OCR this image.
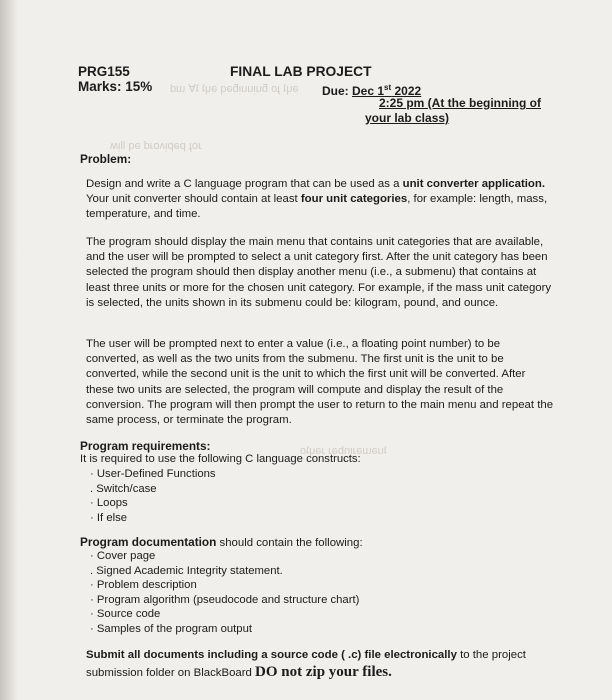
ǝɥʇ ɟo ƃuᴉuuᴉƃǝq ǝɥʇ ʇ∀ ɯd
ɹoɟ pǝpᴉʌoɹd ǝq llᴉʍ
ʇuǝɯǝɹᴉnbǝɹ ɹǝɥʇo
PRG155
Marks: 15%
FINAL LAB PROJECT
Due: Dec 1st 2022
2:25 pm (At the beginning of
your lab class)
Problem:

Design and write a C language program that can be used as a unit converter application. Your unit converter should contain at least four unit categories, for example: length, mass, temperature, and time.

The program should display the main menu that contains unit categories that are available, and the user will be prompted to select a unit category first. After the unit category has been selected the program should then display another menu (i.e., a submenu) that contains at least three units or more for the chosen unit category. For example, if the mass unit category is selected, the units shown in its submenu could be: kilogram, pound, and ounce.

The user will be prompted next to enter a value (i.e., a floating point number) to be converted, as well as the two units from the submenu. The first unit is the unit to be converted, while the second unit is the unit to which the first unit will be converted. After these two units are selected, the program will compute and display the result of the conversion. The program will then prompt the user to return to the main menu and repeat the same process, or terminate the program.

Program requirements:
It is required to use the following C language constructs:
· User-Defined Functions
. Switch/case
· Loops
· If else
Program documentation should contain the following:
· Cover page
. Signed Academic Integrity statement.
· Problem description
· Program algorithm (pseudocode and structure chart)
· Source code
· Samples of the program output

Submit all documents including a source code ( .c) file electronically to the project submission folder on BlackBoard DO not zip your files.
